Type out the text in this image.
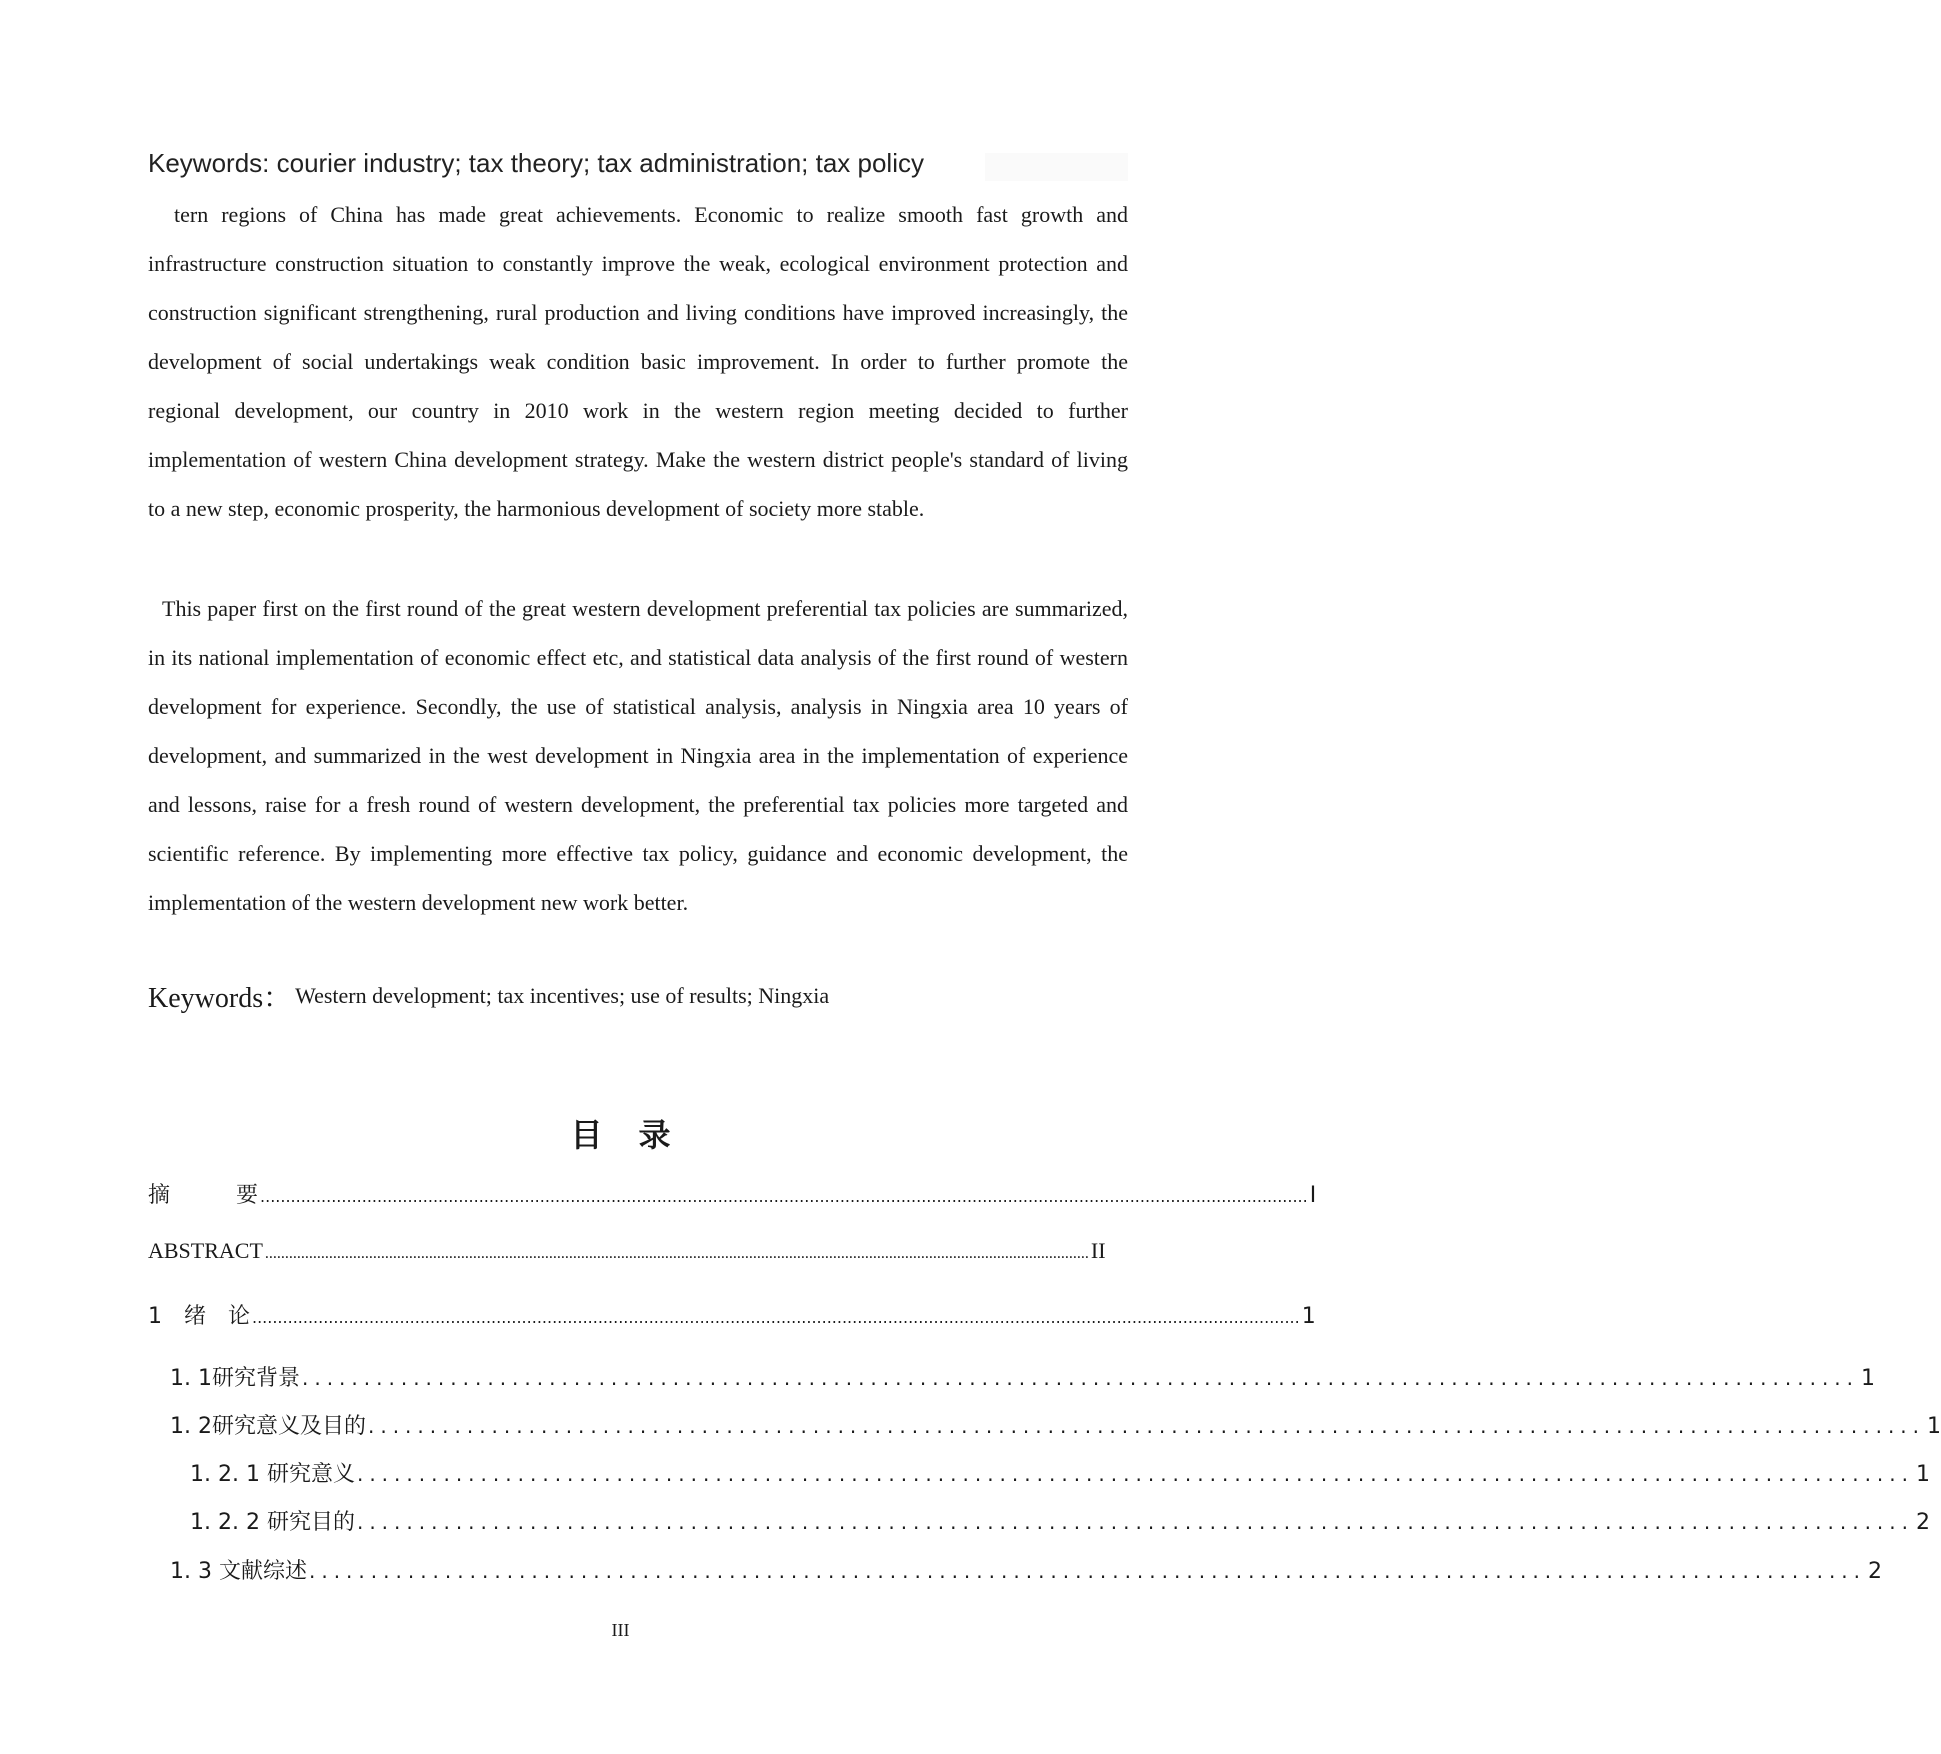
Keywords: courier industry; tax theory; tax administration; tax policy

tern regions of China has made great achievements. Economic to realize smooth fast growth and infrastructure construction situation to constantly improve the weak, ecological environment protection and construction significant strengthening, rural production and living conditions have improved increasingly, the development of social undertakings weak condition basic improvement. In order to further promote the regional development, our country in 2010 work in the western region meeting decided to further implementation of western China development strategy. Make the western district people's standard of living to a new step, economic prosperity, the harmonious development of society more stable.

This paper first on the first round of the great western development preferential tax policies are summarized, in its national implementation of economic effect etc, and statistical data analysis of the first round of western development for experience. Secondly, the use of statistical analysis, analysis in Ningxia area 10 years of development, and summarized in the west development in Ningxia area in the implementation of experience and lessons, raise for a fresh round of western development, the preferential tax policies more targeted and scientific reference. By implementing more effective tax policy, guidance and economic development, the implementation of the western development new work better.

Keywords： Western development; tax incentives; use of results; Ningxia
目录
摘　　　要 .............................................................................................................................................................................................................. I
ABSTRACT .............................................................................................................................................................................................................. II
1　绪　论 .............................................................................................................................................................................................................. 1
1. 1研究背景 .............................................................................................................................. 1
1. 2研究意义及目的 .............................................................................................................................. 1
1. 2. 1 研究意义 .............................................................................................................................. 1
1. 2. 2 研究目的 .............................................................................................................................. 2
1. 3 文献综述 .............................................................................................................................. 2
III
